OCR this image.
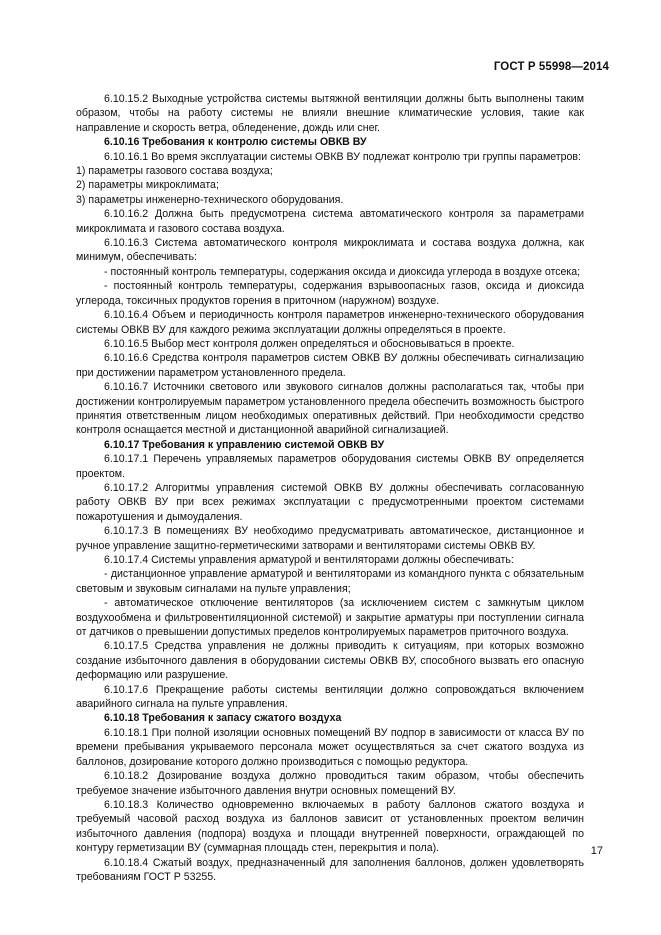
ГОСТ Р 55998—2014

6.10.15.2 Выходные устройства системы вытяжной вентиляции должны быть выполнены таким образом, чтобы на работу системы не влияли внешние климатические условия, такие как направление и скорость ветра, обледенение, дождь или снег.

6.10.16 Требования к контролю системы ОВКВ ВУ

6.10.16.1 Во время эксплуатации системы ОВКВ ВУ подлежат контролю три группы параметров:

1) параметры газового состава воздуха;

2) параметры микроклимата;

3) параметры инженерно-технического оборудования.

6.10.16.2 Должна быть предусмотрена система автоматического контроля за параметрами микроклимата и газового состава воздуха.

6.10.16.3 Система автоматического контроля микроклимата и состава воздуха должна, как минимум, обеспечивать:

- постоянный контроль температуры, содержания оксида и диоксида углерода в воздухе отсека;

- постоянный контроль температуры, содержания взрывоопасных газов, оксида и диоксида углерода, токсичных продуктов горения в приточном (наружном) воздухе.

6.10.16.4 Объем и периодичность контроля параметров инженерно-технического оборудования системы ОВКВ ВУ для каждого режима эксплуатации должны определяться в проекте.

6.10.16.5 Выбор мест контроля должен определяться и обосновываться в проекте.

6.10.16.6 Средства контроля параметров систем ОВКВ ВУ должны обеспечивать сигнализацию при достижении параметром установленного предела.

6.10.16.7 Источники светового или звукового сигналов должны располагаться так, чтобы при достижении контролируемым параметром установленного предела обеспечить возможность быстрого принятия ответственным лицом необходимых оперативных действий. При необходимости средство контроля оснащается местной и дистанционной аварийной сигнализацией.

6.10.17 Требования к управлению системой ОВКВ ВУ

6.10.17.1 Перечень управляемых параметров оборудования системы ОВКВ ВУ определяется проектом.

6.10.17.2 Алгоритмы управления системой ОВКВ ВУ должны обеспечивать согласованную работу ОВКВ ВУ при всех режимах эксплуатации с предусмотренными проектом системами пожаротушения и дымоудаления.

6.10.17.3 В помещениях ВУ необходимо предусматривать автоматическое, дистанционное и ручное управление защитно-герметическими затворами и вентиляторами системы ОВКВ ВУ.

6.10.17.4 Системы управления арматурой и вентиляторами должны обеспечивать:

- дистанционное управление арматурой и вентиляторами из командного пункта с обязательным световым и звуковым сигналами на пульте управления;

- автоматическое отключение вентиляторов (за исключением систем с замкнутым циклом воздухообмена и фильтровентиляционной системой) и закрытие арматуры при поступлении сигнала от датчиков о превышении допустимых пределов контролируемых параметров приточного воздуха.

6.10.17.5 Средства управления не должны приводить к ситуациям, при которых возможно создание избыточного давления в оборудовании системы ОВКВ ВУ, способного вызвать его опасную деформацию или разрушение.

6.10.17.6 Прекращение работы системы вентиляции должно сопровождаться включением аварийного сигнала на пульте управления.

6.10.18 Требования к запасу сжатого воздуха

6.10.18.1 При полной изоляции основных помещений ВУ подпор в зависимости от класса ВУ по времени пребывания укрываемого персонала может осуществляться за счет сжатого воздуха из баллонов, дозирование которого должно производиться с помощью редуктора.

6.10.18.2 Дозирование воздуха должно проводиться таким образом, чтобы обеспечить требуемое значение избыточного давления внутри основных помещений ВУ.

6.10.18.3 Количество одновременно включаемых в работу баллонов сжатого воздуха и требуемый часовой расход воздуха из баллонов зависит от установленных проектом величин избыточного давления (подпора) воздуха и площади внутренней поверхности, ограждающей по контуру герметизации ВУ (суммарная площадь стен, перекрытия и пола).

6.10.18.4 Сжатый воздух, предназначенный для заполнения баллонов, должен удовлетворять требованиям ГОСТ Р 53255.

17
